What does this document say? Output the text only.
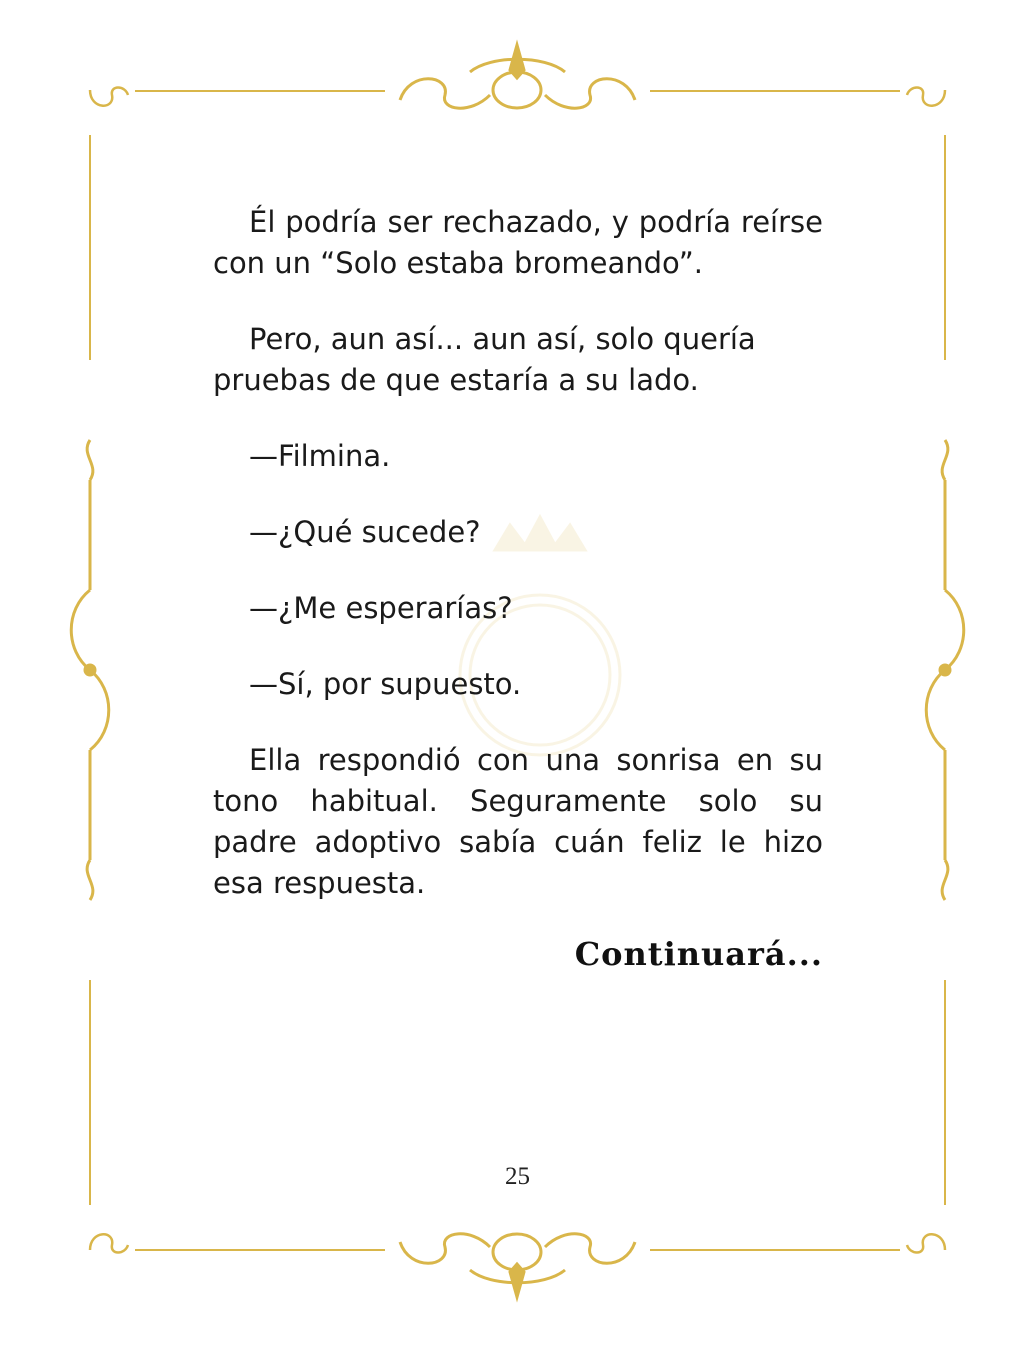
Él podría ser rechazado, y podría reírse con un “Solo estaba bromeando”.

Pero, aun así... aun así, solo quería pruebas de que estaría a su lado.

—Filmina.

—¿Qué sucede?

—¿Me esperarías?

—Sí, por supuesto.

Ella respondió con una sonrisa en su tono habitual. Seguramente solo su padre adoptivo sabía cuán feliz le hizo esa respuesta.

Continuará...
25
